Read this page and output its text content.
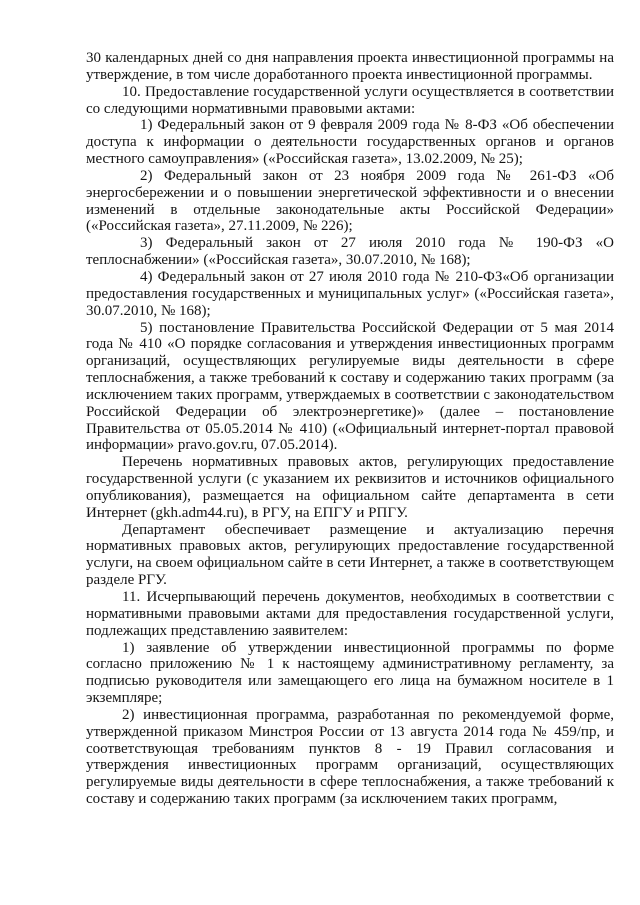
30 календарных дней со дня направления проекта инвестиционной программы на утверждение, в том числе доработанного проекта инвестиционной программы.

10. Предоставление государственной услуги осуществляется в соответствии со следующими нормативными правовыми актами:

1) Федеральный закон от 9 февраля 2009 года № 8-ФЗ «Об обеспечении доступа к информации о деятельности государственных органов и органов местного самоуправления» («Российская газета», 13.02.2009, № 25);

2) Федеральный закон от 23 ноября 2009 года № 261-ФЗ «Об энергосбережении и о повышении энергетической эффективности и о внесении изменений в отдельные законодательные акты Российской Федерации» («Российская газета», 27.11.2009, № 226);

3) Федеральный закон от 27 июля 2010 года № 190-ФЗ «О теплоснабжении» («Российская газета», 30.07.2010, № 168);

4) Федеральный закон от 27 июля 2010 года № 210-ФЗ«Об организации предоставления государственных и муниципальных услуг» («Российская газета», 30.07.2010, № 168);

5) постановление Правительства Российской Федерации от 5 мая 2014 года № 410 «О порядке согласования и утверждения инвестиционных программ организаций, осуществляющих регулируемые виды деятельности в сфере теплоснабжения, а также требований к составу и содержанию таких программ (за исключением таких программ, утверждаемых в соответствии с законодательством Российской Федерации об электроэнергетике)» (далее – постановление Правительства от 05.05.2014 № 410) («Официальный интернет-портал правовой информации» pravo.gov.ru, 07.05.2014).

Перечень нормативных правовых актов, регулирующих предоставление государственной услуги (с указанием их реквизитов и источников официального опубликования), размещается на официальном сайте департамента в сети Интернет (gkh.adm44.ru), в РГУ, на ЕПГУ и РПГУ.

Департамент обеспечивает размещение и актуализацию перечня нормативных правовых актов, регулирующих предоставление государственной услуги, на своем официальном сайте в сети Интернет, а также в соответствующем разделе РГУ.

11. Исчерпывающий перечень документов, необходимых в соответствии с нормативными правовыми актами для предоставления государственной услуги, подлежащих представлению заявителем:

1) заявление об утверждении инвестиционной программы по форме согласно приложению № 1 к настоящему административному регламенту, за подписью руководителя или замещающего его лица на бумажном носителе в 1 экземпляре;

2) инвестиционная программа, разработанная по рекомендуемой форме, утвержденной приказом Минстроя России от 13 августа 2014 года № 459/пр, и соответствующая требованиям пунктов 8 - 19 Правил согласования и утверждения инвестиционных программ организаций, осуществляющих регулируемые виды деятельности в сфере теплоснабжения, а также требований к составу и содержанию таких программ (за исключением таких программ,
